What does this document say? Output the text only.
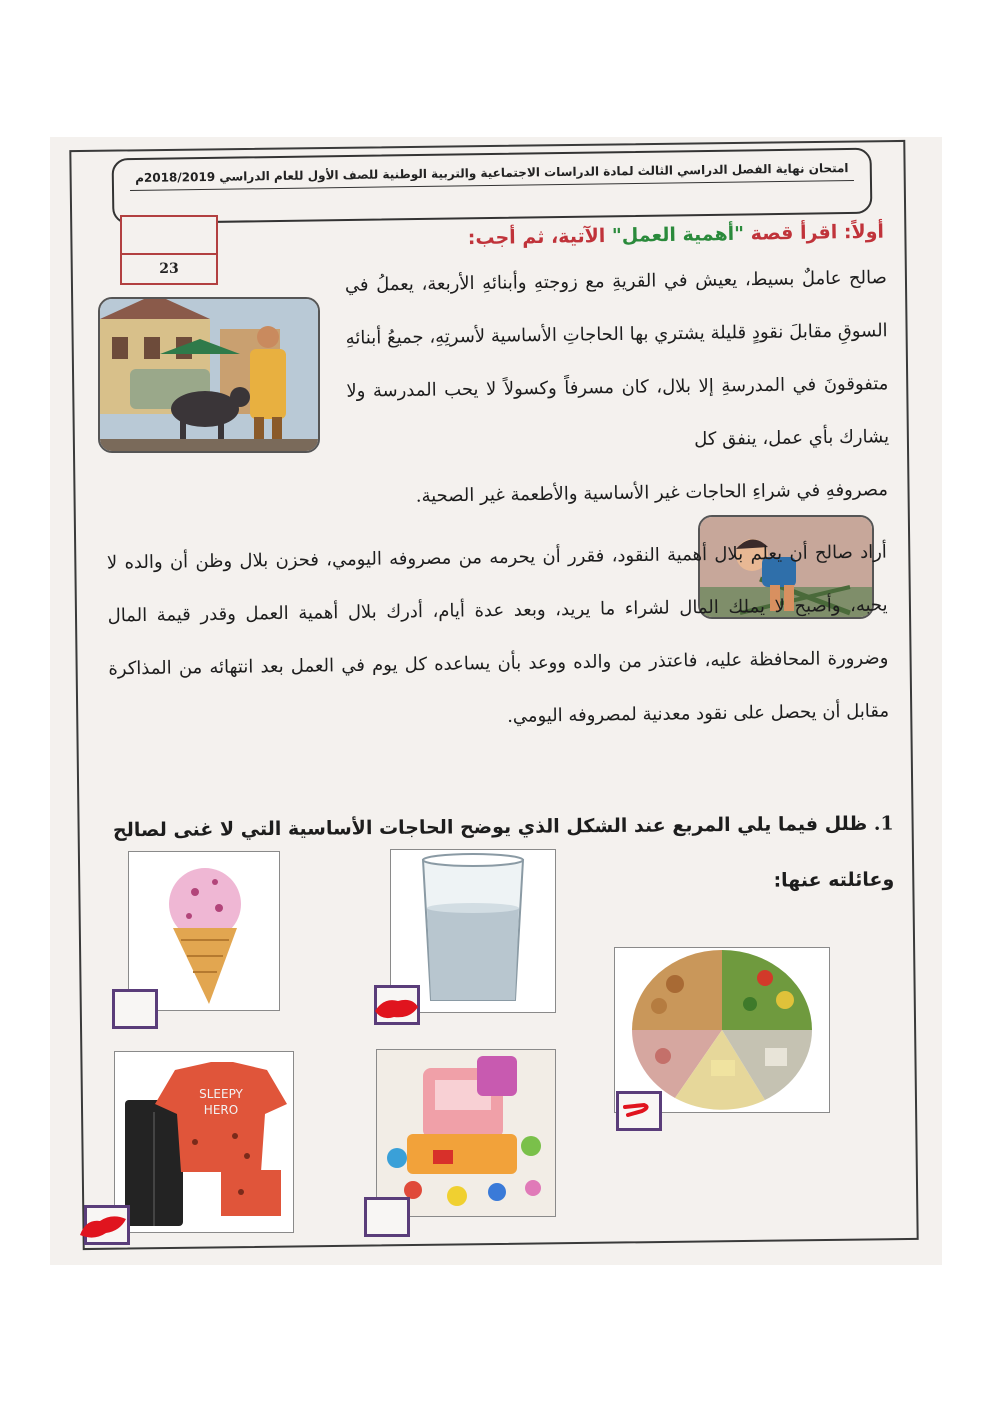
امتحان نهاية الفصل الدراسي الثالث لمادة الدراسات الاجتماعية والتربية الوطنية للصف الأول للعام الدراسي 2018/2019م
23
أولاً: اقرأ قصة "أهمية العمل" الآتية، ثم أجب:
صالح عاملٌ بسيط، يعيش في القريةِ مع زوجتهِ وأبنائهِ الأربعة، يعملُ في السوقِ مقابلَ نقودٍ قليلة يشتري بها الحاجاتِ الأساسية لأسرتِهِ، جميعُ أبنائهِ متفوقونَ في المدرسةِ إلا بلال، كان مسرفاً وكسولاً لا يحب المدرسة ولا يشارك بأي عمل، ينفق كل
مصروفهِ في شراءِ الحاجات غير الأساسية والأطعمة غير الصحية.
أراد صالح أن يعلم بلال أهمية النقود، فقرر أن يحرمه من مصروفه اليومي، فحزن بلال وظن أن والده لا يحبه، وأصبح لا يملك المال لشراء ما يريد، وبعد عدة أيام، أدرك بلال أهمية العمل وقدر قيمة المال وضرورة المحافظة عليه، فاعتذر من والده ووعد بأن يساعده كل يوم في العمل بعد انتهائه من المذاكرة مقابل أن يحصل على نقود معدنية لمصروفه اليومي.
1. ظلل فيما يلي المربع عند الشكل الذي يوضح الحاجات الأساسية التي لا غنى لصالح وعائلته عنها:
SLEEPY
HERO
